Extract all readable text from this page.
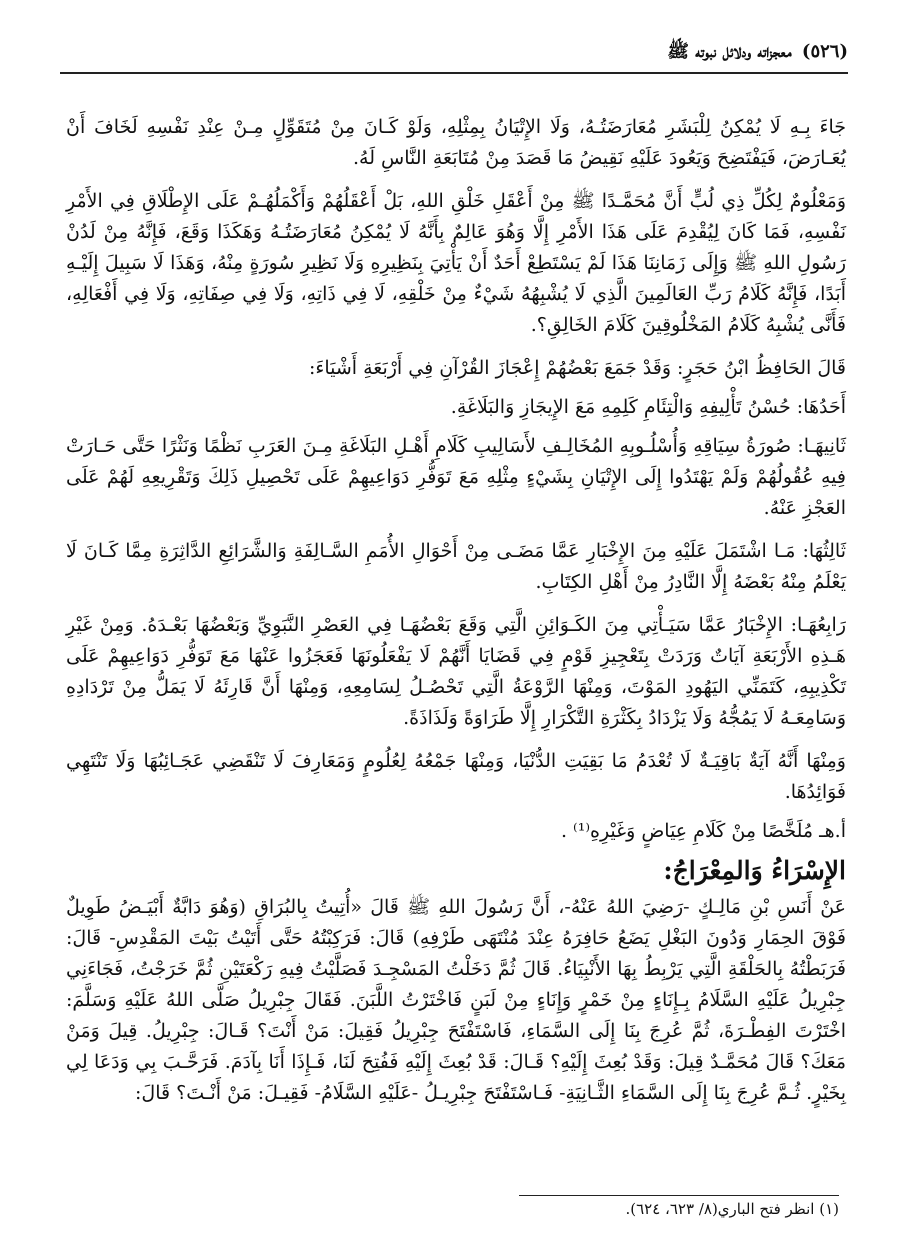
(٥٢٦) معجزاته ودلائل نبوته ﷺ

جَاءَ بِـهِ لَا يُمْكِنُ لِلْبَشَرِ مُعَارَضَتُـهُ، وَلَا الإِتْيَانُ بِمِثْلِهِ، وَلَوْ كَـانَ مِنْ مُتَقَوِّلٍ مِـنْ عِنْدِ نَفْسِهِ لَخَافَ أَنْ يُعَـارَضَ، فَيَفْتَضِحَ وَيَعُودَ عَلَيْهِ نَقِيضُ مَا قَصَدَ مِنْ مُتَابَعَةِ النَّاسِ لَهُ.

وَمَعْلُومٌ لِكُلِّ ذِي لُبٍّ أَنَّ مُحَمَّـدًا ﷺ مِنْ أَعْقَلِ خَلْقِ اللهِ، بَلْ أَعْقَلُهُمْ وَأَكْمَلُهُـمْ عَلَى الإِطْلَاقِ فِي الأَمْرِ نَفْسِهِ، فَمَا كَانَ لِيُقْدِمَ عَلَى هَذَا الأَمْرِ إِلَّا وَهُوَ عَالِمٌ بِأَنَّهُ لَا يُمْكِنُ مُعَارَضَتُـهُ وَهَكَذَا وَقَعَ، فَإِنَّهُ مِنْ لَدُنْ رَسُولِ اللهِ ﷺ وَإِلَى زَمَانِنَا هَذَا لَمْ يَسْتَطِعْ أَحَدٌ أَنْ يَأْتِيَ بِنَظِيرِهِ وَلَا نَظِيرِ سُورَةٍ مِنْهُ، وَهَذَا لَا سَبِيلَ إِلَيْـهِ أَبَدًا، فَإِنَّهُ كَلَامُ رَبِّ العَالَمِينَ الَّذِي لَا يُشْبِهُهُ شَيْءٌ مِنْ خَلْقِهِ، لَا فِي ذَاتِهِ، وَلَا فِي صِفَاتِهِ، وَلَا فِي أَفْعَالِهِ، فَأَنَّى يُشْبِهُ كَلَامُ المَخْلُوقِينَ كَلَامَ الخَالِقِ؟.

قَالَ الحَافِظُ ابْنُ حَجَرٍ: وَقَدْ جَمَعَ بَعْضُهُمْ إِعْجَازَ القُرْآنِ فِي أَرْبَعَةِ أَشْيَاءَ:

أَحَدُهَا: حُسْنُ تَأْلِيفِهِ وَالْتِئَامِ كَلِمِهِ مَعَ الإِيجَازِ وَالبَلَاغَةِ.

ثَانِيهَـا: صُورَةُ سِيَاقِهِ وَأُسْلُـوبِهِ المُخَالِـفِ لأَسَالِيبِ كَلَامِ أَهْـلِ البَلَاغَةِ مِـنَ العَرَبِ نَظْمًا وَنَثْرًا حَتَّى حَـارَتْ فِيهِ عُقُولُهُمْ وَلَمْ يَهْتَدُوا إِلَى الإِتْيَانِ بِشَيْءٍ مِثْلِهِ مَعَ تَوَفُّرِ دَوَاعِيهِمْ عَلَى تَحْصِيلِ ذَلِكَ وَتَقْرِيعِهِ لَهُمْ عَلَى العَجْزِ عَنْهُ.

ثَالِثُهَا: مَـا اشْتَمَلَ عَلَيْهِ مِنَ الإِخْبَارِ عَمَّا مَضَـى مِنْ أَحْوَالِ الأُمَمِ السَّـالِفَةِ وَالشَّرَائِعِ الدَّاثِرَةِ مِمَّا كَـانَ لَا يَعْلَمُ مِنْهُ بَعْضَهُ إِلَّا النَّادِرُ مِنْ أَهْلِ الكِتَابِ.

رَابِعُهَـا: الإِخْبَارُ عَمَّا سَيَـأْتِي مِنَ الكَـوَائِنِ الَّتِي وَقَعَ بَعْضُهَـا فِي العَصْرِ النَّبَوِيِّ وَبَعْضُهَا بَعْـدَهُ. وَمِنْ غَيْرِ هَـذِهِ الأَرْبَعَةِ آيَاتٌ وَرَدَتْ بِتَعْجِيزِ قَوْمٍ فِي قَضَايَا أَنَّهُمْ لَا يَفْعَلُونَهَا فَعَجَزُوا عَنْهَا مَعَ تَوَفُّرِ دَوَاعِيهِمْ عَلَى تَكْذِيبِهِ، كَتَمَنِّي اليَهُودِ المَوْتَ، وَمِنْهَا الرَّوْعَةُ الَّتِي تَحْصُـلُ لِسَامِعِهِ، وَمِنْهَا أَنَّ قَارِئَهُ لَا يَمَلُّ مِنْ تَرْدَادِهِ وَسَامِعَـهُ لَا يَمُجُّهُ وَلَا يَزْدَادُ بِكَثْرَةِ التَّكْرَارِ إِلَّا طَرَاوَةً وَلَذَاذَةً.

وَمِنْهَا أَنَّهُ آيَةٌ بَاقِيَـةٌ لَا تُعْدَمُ مَا بَقِيَتِ الدُّنْيَا، وَمِنْهَا جَمْعُهُ لِعُلُومٍ وَمَعَارِفَ لَا تَنْقَضِي عَجَـائِبُهَا وَلَا تَنْتَهِي فَوَائِدُهَا.

أ.هـ مُلَخَّصًا مِنْ كَلَامِ عِيَاضٍ وَغَيْرِهِ⁽¹⁾ .

الإِسْرَاءُ وَالمِعْرَاجُ:

عَنْ أَنَسِ بْنِ مَالِـكٍ -رَضِيَ اللهُ عَنْهُ-، أَنَّ رَسُولَ اللهِ ﷺ قَالَ «أُتِيتُ بِالبُرَاقِ (وَهُوَ دَابَّةٌ أَبْيَـضُ طَوِيلٌ فَوْقَ الحِمَارِ وَدُونَ البَغْلِ يَضَعُ حَافِرَهُ عِنْدَ مُنْتَهَى طَرْفِهِ) قَالَ: فَرَكِبْتُهُ حَتَّى أَتَيْتُ بَيْتَ المَقْدِسِ- قَالَ: فَرَبَطْتُهُ بِالحَلْقَةِ الَّتِي يَرْبِطُ بِهَا الأَنْبِيَاءُ. قَالَ ثُمَّ دَخَلْتُ المَسْجِـدَ فَصَلَّيْتُ فِيهِ رَكْعَتَيْنِ ثُمَّ خَرَجْتُ، فَجَاءَنِي جِبْرِيلُ عَلَيْهِ السَّلَامُ بِـإِنَاءٍ مِنْ خَمْرٍ وَإِنَاءٍ مِنْ لَبَنٍ فَاخْتَرْتُ اللَّبَنَ. فَقَالَ جِبْرِيلُ صَلَّى اللهُ عَلَيْهِ وَسَلَّمَ: اخْتَرْتَ الفِطْـرَةَ، ثُمَّ عُرِجَ بِنَا إِلَى السَّمَاءِ، فَاسْتَفْتَحَ جِبْرِيلُ فَقِيلَ: مَنْ أَنْتَ؟ قَـالَ: جِبْرِيلُ. قِيلَ وَمَنْ مَعَكَ؟ قَالَ مُحَمَّـدٌ قِيلَ: وَقَدْ بُعِثَ إِلَيْهِ؟ قَـالَ: قَدْ بُعِثَ إِلَيْهِ فَفُتِحَ لَنَا، فَـإِذَا أَنَا بِآدَمَ. فَرَحَّـبَ بِي وَدَعَا لِي بِخَيْرٍ. ثُـمَّ عُرِجَ بِنَا إِلَى السَّمَاءِ الثَّـانِيَةِ- فَـاسْتَفْتَحَ جِبْرِيـلُ -عَلَيْهِ السَّلَامُ- فَقِيـلَ: مَنْ أَنْـتَ؟ قَالَ:

(١) انظر فتح الباري(٨/ ٦٢٣، ٦٢٤).
